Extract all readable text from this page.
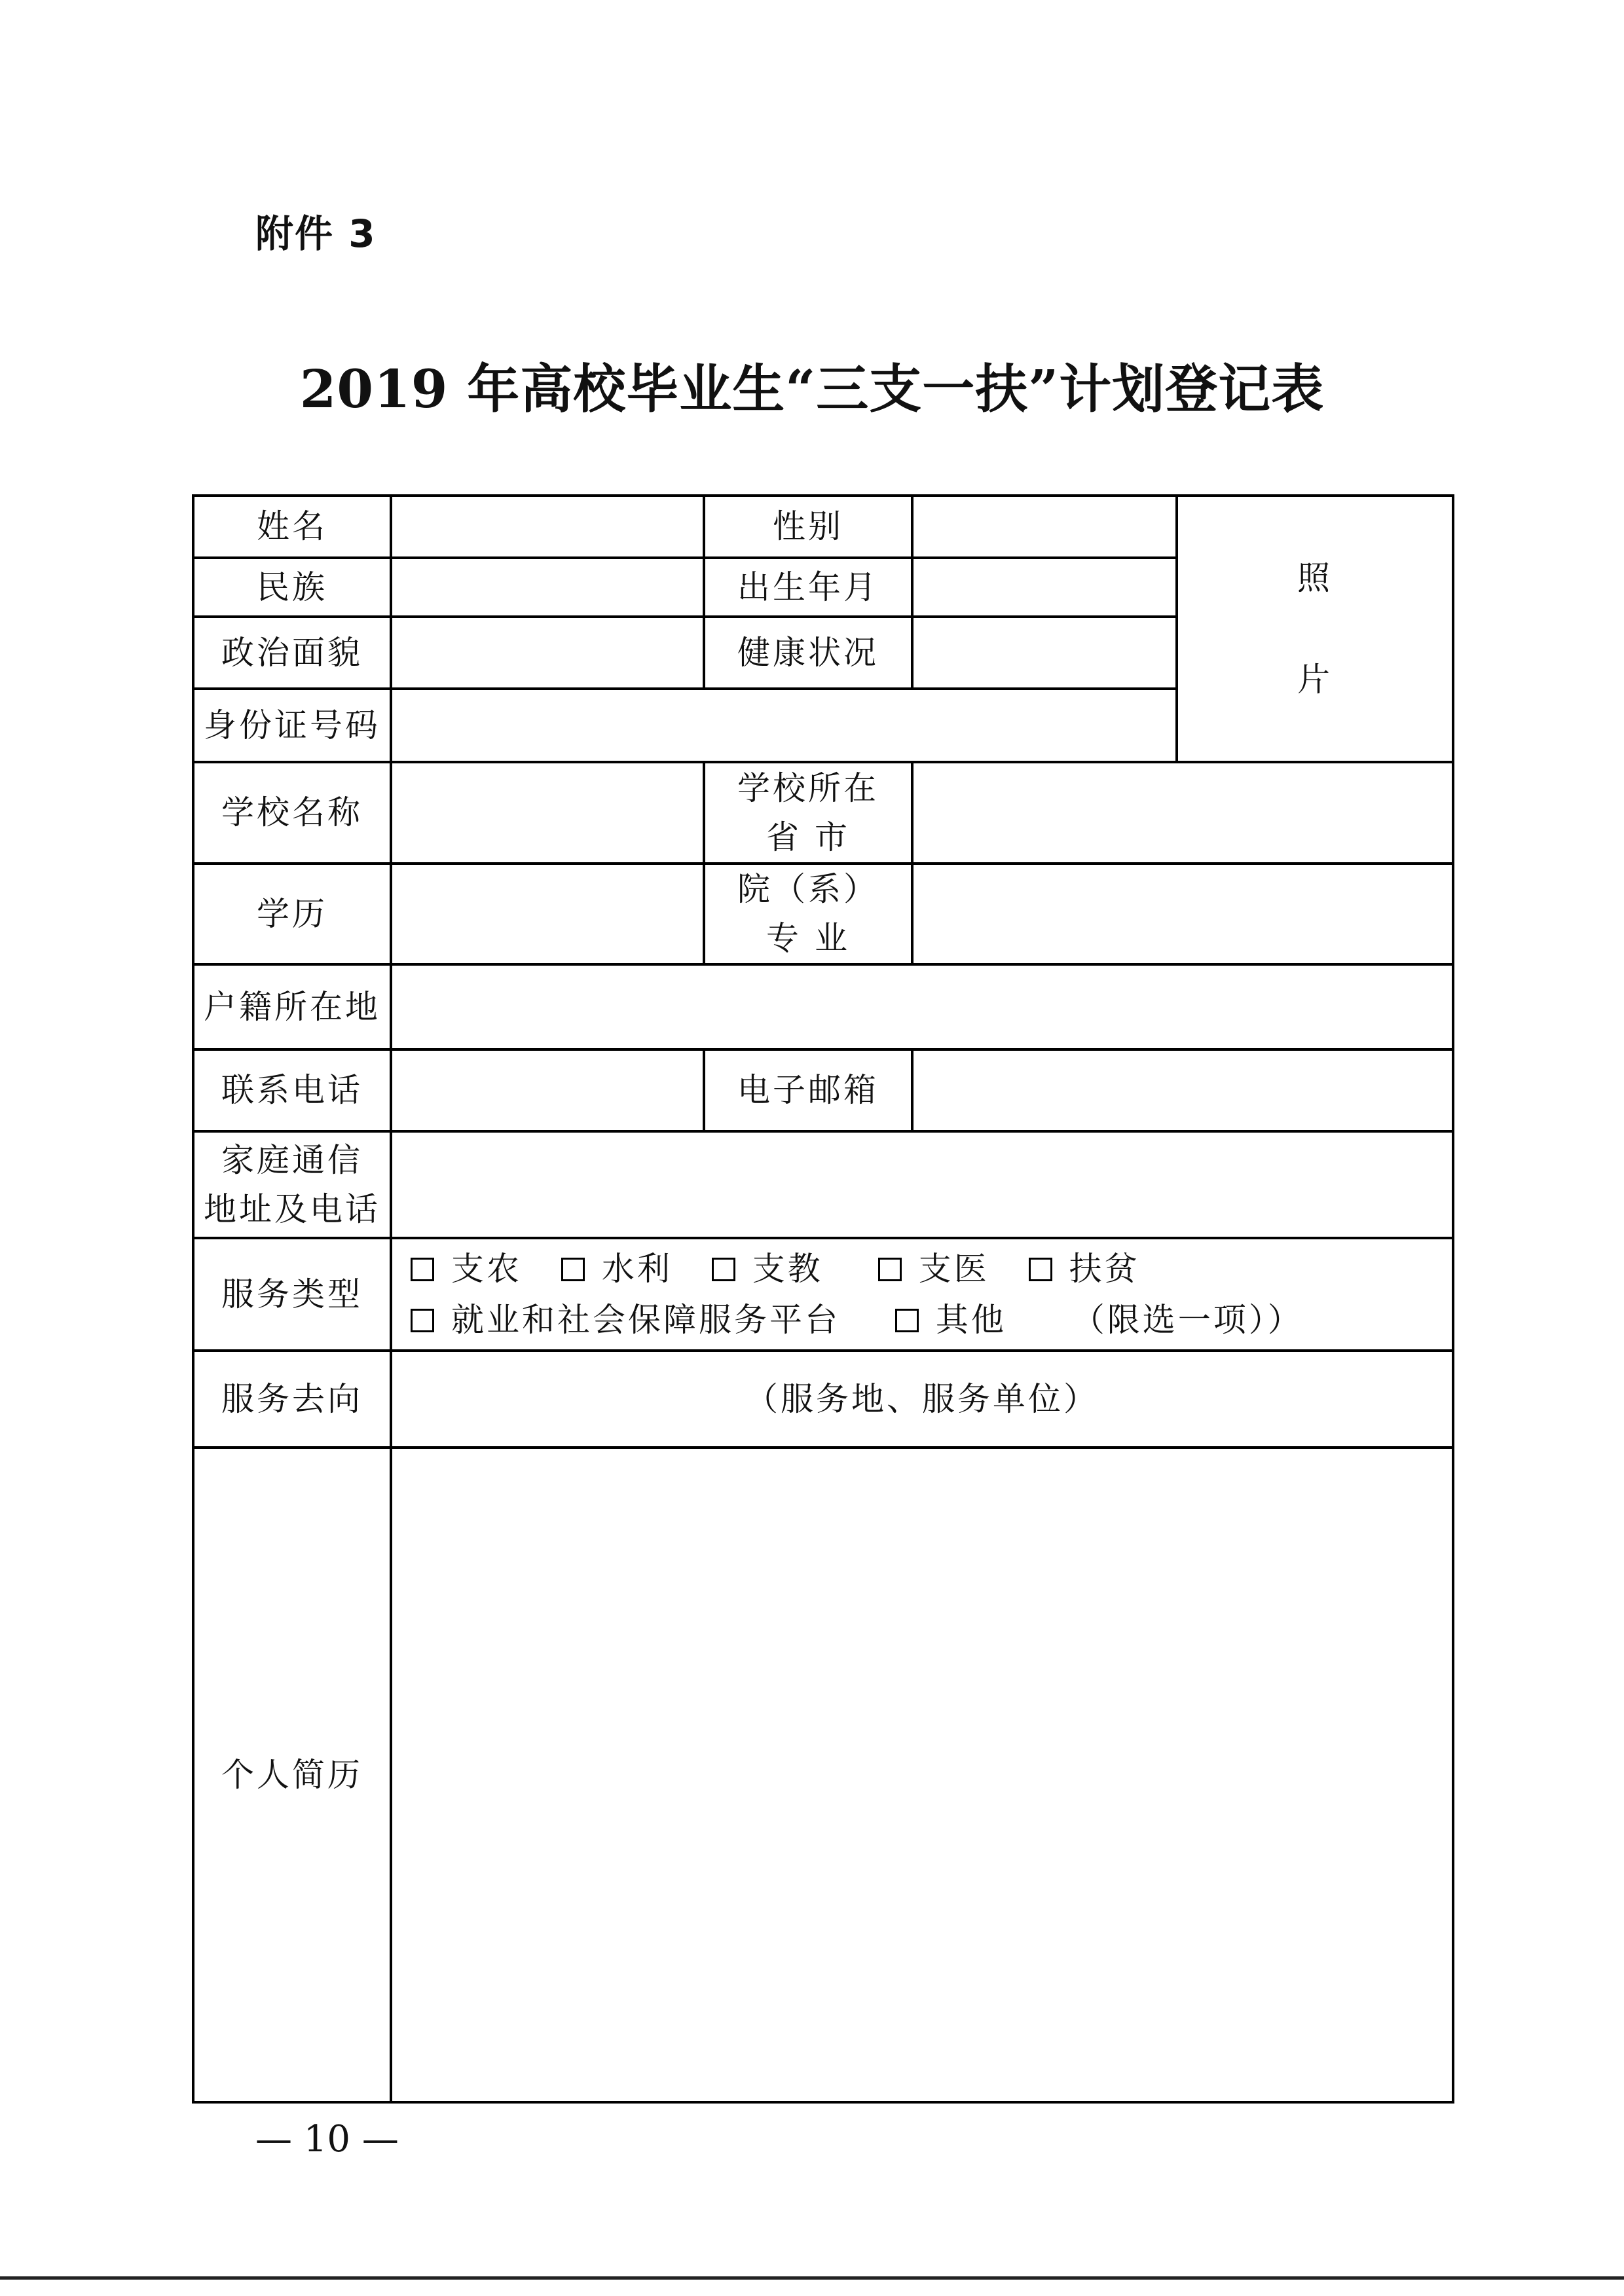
附件 3
2019 年高校毕业生“三支一扶”计划登记表
姓名		性别		照
片

民族		出生年月		
政治面貌		健康状况		
身份证号码				
学校名称		学校所在
省 市		

学历		院（系）
专 业		

户籍所在地				
联系电话		电子邮箱		

家庭通信
地址及电话				

服务类型	支农 水利 支教 支医 扶贫
就业和社会保障服务平台 其他 （限选一项））			

服务去向	（服务地、服务单位）			
个人简历				
— 10 —
